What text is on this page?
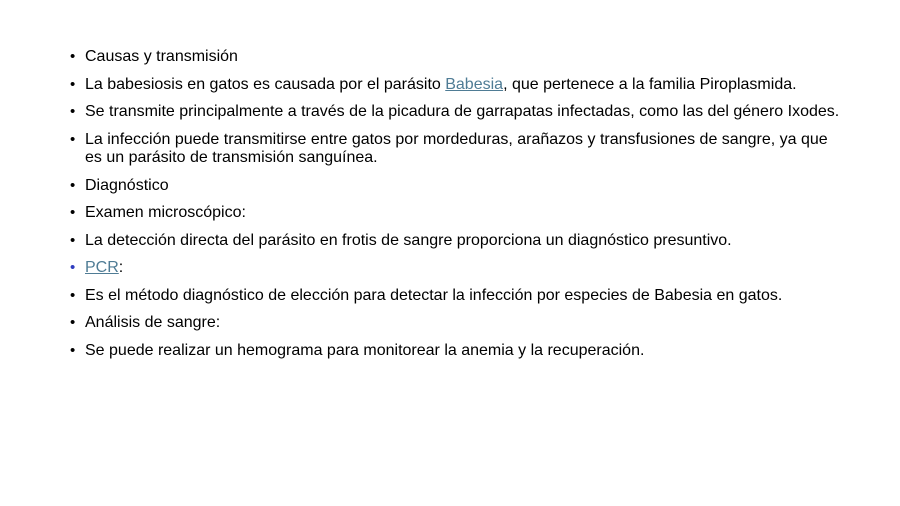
• Causas y transmisión
• La babesiosis en gatos es causada por el parásito Babesia, que pertenece a la familia Piroplasmida.
• Se transmite principalmente a través de la picadura de garrapatas infectadas, como las del género Ixodes.
• La infección puede transmitirse entre gatos por mordeduras, arañazos y transfusiones de sangre, ya que es un parásito de transmisión sanguínea.
• Diagnóstico
• Examen microscópico:
• La detección directa del parásito en frotis de sangre proporciona un diagnóstico presuntivo.
• PCR:
• Es el método diagnóstico de elección para detectar la infección por especies de Babesia en gatos.
• Análisis de sangre:
• Se puede realizar un hemograma para monitorear la anemia y la recuperación.
